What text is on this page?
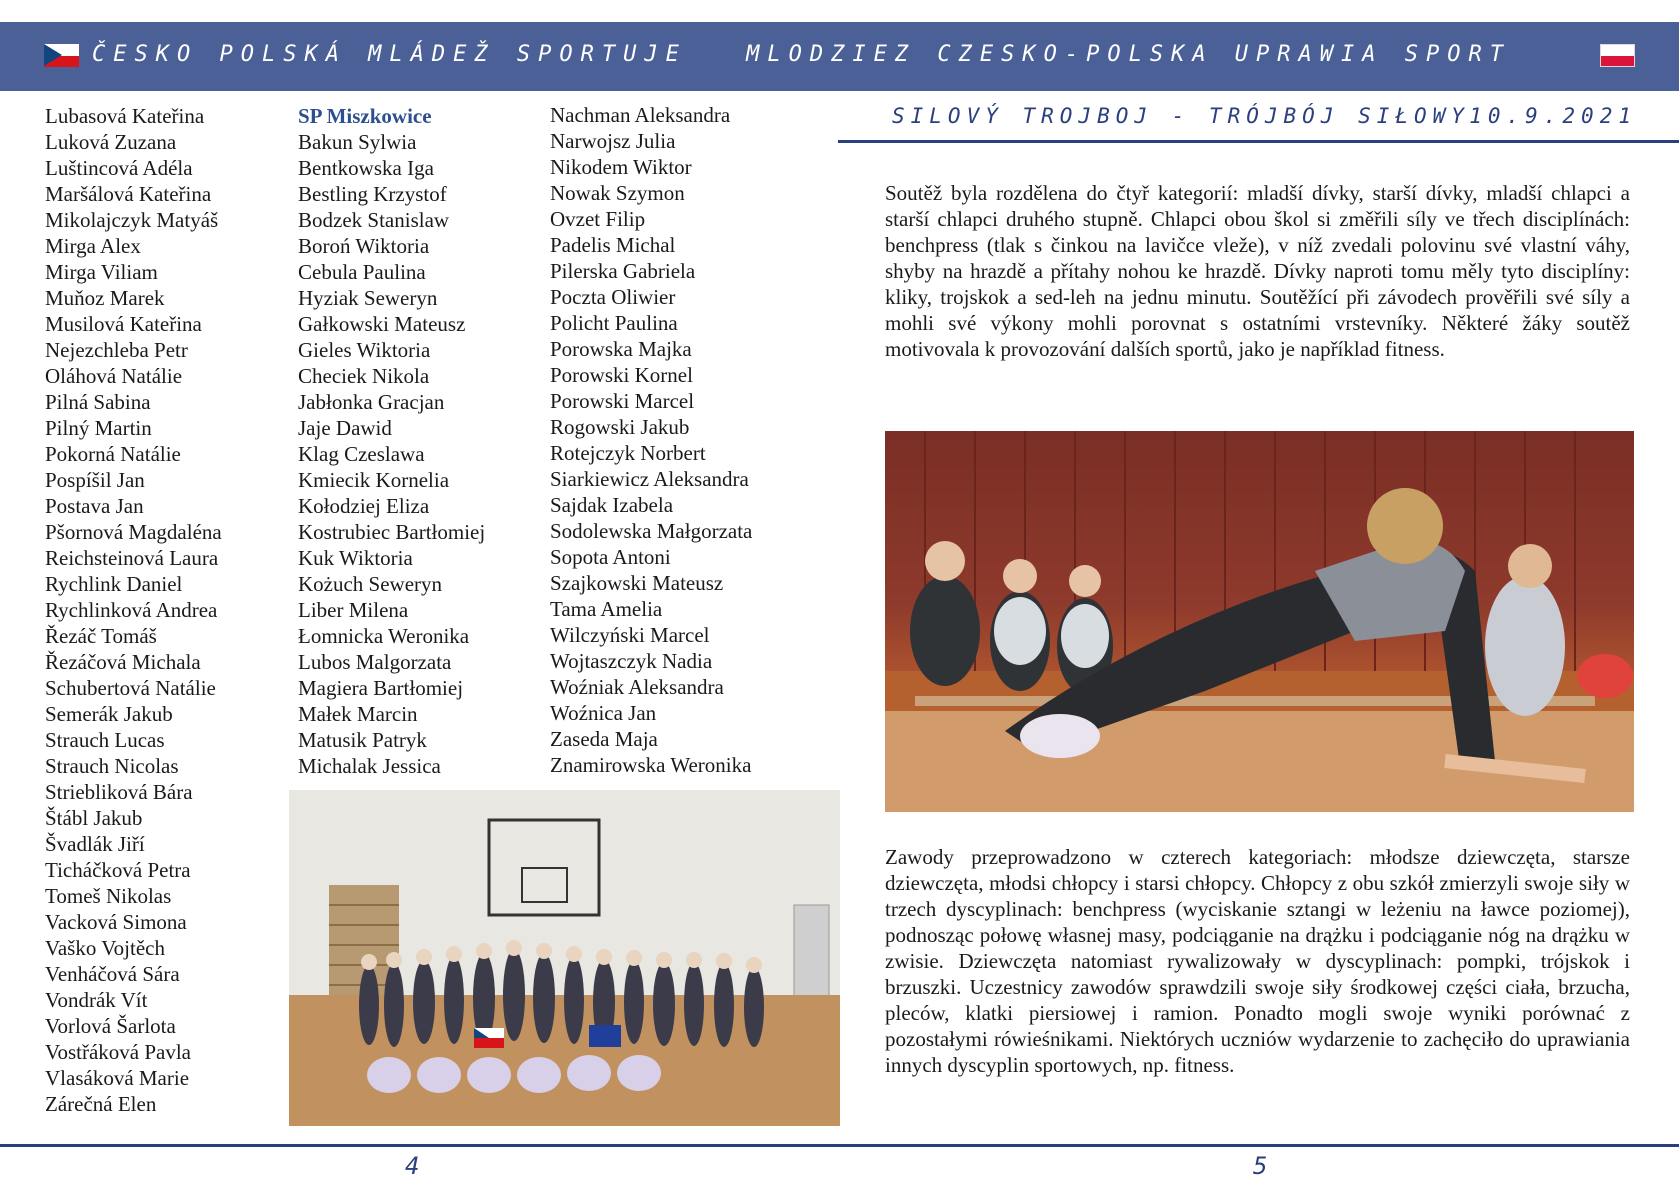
ČESKO POLSKÁ MLÁDEŽ SPORTUJE	MLODZIEZ CZESKO-POLSKA UPRAWIA SPORT
Lubasová Kateřina
Luková Zuzana
Luštincová Adéla
Maršálová Kateřina
Mikolajczyk Matyáš
Mirga Alex
Mirga Viliam
Muňoz Marek
Musilová Kateřina
Nejezchleba Petr
Oláhová Natálie
Pilná Sabina
Pilný Martin
Pokorná Natálie
Pospíšil Jan
Postava Jan
Pšornová Magdaléna
Reichsteinová Laura
Rychlink Daniel
Rychlinková Andrea
Řezáč Tomáš
Řezáčová Michala
Schubertová Natálie
Semerák Jakub
Strauch Lucas
Strauch Nicolas
Striebliková Bára
Štábl Jakub
Švadlák Jiří
Ticháčková Petra
Tomeš Nikolas
Vacková Simona
Vaško Vojtěch
Venháčová Sára
Vondrák Vít
Vorlová Šarlota
Vostřáková Pavla
Vlasáková Marie
Zárečná Elen
SP Miszkowice
Bakun Sylwia
Bentkowska Iga
Bestling Krzystof
Bodzek Stanislaw
Boroń Wiktoria
Cebula Paulina
Hyziak Seweryn
Gałkowski Mateusz
Gieles Wiktoria
Checiek Nikola
Jabłonka Gracjan
Jaje Dawid
Klag Czeslawa
Kmiecik Kornelia
Kołodziej Eliza
Kostrubiec Bartłomiej
Kuk Wiktoria
Kożuch Seweryn
Liber Milena
Łomnicka Weronika
Lubos Malgorzata
Magiera Bartłomiej
Małek Marcin
Matusik Patryk
Michalak Jessica
Nachman Aleksandra
Narwojsz Julia
Nikodem Wiktor
Nowak Szymon
Ovzet Filip
Padelis Michal
Pilerska Gabriela
Poczta Oliwier
Policht Paulina
Porowska Majka
Porowski Kornel
Porowski Marcel
Rogowski Jakub
Rotejczyk Norbert
Siarkiewicz Aleksandra
Sajdak Izabela
Sodolewska Małgorzata
Sopota Antoni
Szajkowski Mateusz
Tama Amelia
Wilczyński Marcel
Wojtaszczyk Nadia
Woźniak Aleksandra
Woźnica Jan
Zaseda Maja
Znamirowska Weronika
SILOVÝ TROJBOJ - TRÓJBÓJ SIŁOWY 10.9.2021

Soutěž byla rozdělena do čtyř kategorií: mladší dívky, starší dívky, mladší chlapci a starší chlapci druhého stupně. Chlapci obou škol si změřili síly ve třech disciplínách: benchpress (tlak s činkou na lavičce vleže), v níž zvedali polovinu své vlastní váhy, shyby na hrazdě a přítahy nohou ke hrazdě. Dívky naproti tomu měly tyto disciplíny: kliky, trojskok a sed-leh na jednu minutu. Soutěžící při závodech prověřili své síly a mohli své výkony mohli porovnat s ostatními vrstevníky. Některé žáky soutěž motivovala k provozování dalších sportů, jako je například fitness.

Zawody przeprowadzono w czterech kategoriach: młodsze dziewczęta, starsze dziewczęta, młodsi chłopcy i starsi chłopcy. Chłopcy z obu szkół zmierzyli swoje siły w trzech dyscyplinach: benchpress (wyciskanie sztangi w leżeniu na ławce poziomej), podnosząc połowę własnej masy, podciąganie na drążku i podciąganie nóg na drążku w zwisie. Dziewczęta natomiast rywalizowały w dyscyplinach: pompki, trójskok i brzuszki. Uczestnicy zawodów sprawdzili swoje siły środkowej części ciała, brzucha, pleców, klatki piersiowej i ramion. Ponadto mogli swoje wyniki porównać z pozostałymi rówieśnikami. Niektórych uczniów wydarzenie to zachęciło do uprawiania innych dyscyplin sportowych, np. fitness.

4	5
